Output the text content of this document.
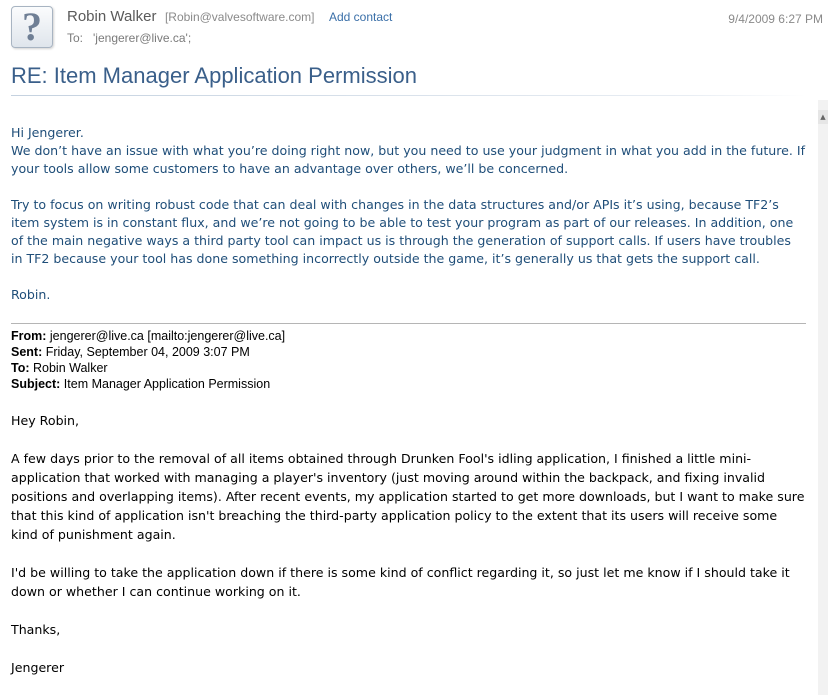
? Robin Walker [Robin@valvesoftware.com] Add contact
To: 'jengerer@live.ca';
9/4/2009 6:27 PM
RE: Item Manager Application Permission
▲

Hi Jengerer.
We don’t have an issue with what you’re doing right now, but you need to use your judgment in what you add in the future. If your tools allow some customers to have an advantage over others, we’ll be concerned.

Try to focus on writing robust code that can deal with changes in the data structures and/or APIs it’s using, because TF2’s item system is in constant flux, and we’re not going to be able to test your program as part of our releases. In addition, one of the main negative ways a third party tool can impact us is through the generation of support calls. If users have troubles in TF2 because your tool has done something incorrectly outside the game, it’s generally us that gets the support call.

Robin.

From: jengerer@live.ca [mailto:jengerer@live.ca]
Sent: Friday, September 04, 2009 3:07 PM
To: Robin Walker
Subject: Item Manager Application Permission

Hey Robin,

A few days prior to the removal of all items obtained through Drunken Fool's idling application, I finished a little mini-application that worked with managing a player's inventory (just moving around within the backpack, and fixing invalid positions and overlapping items). After recent events, my application started to get more downloads, but I want to make sure that this kind of application isn't breaching the third-party application policy to the extent that its users will receive some kind of punishment again.

I'd be willing to take the application down if there is some kind of conflict regarding it, so just let me know if I should take it down or whether I can continue working on it.

Thanks,

Jengerer
